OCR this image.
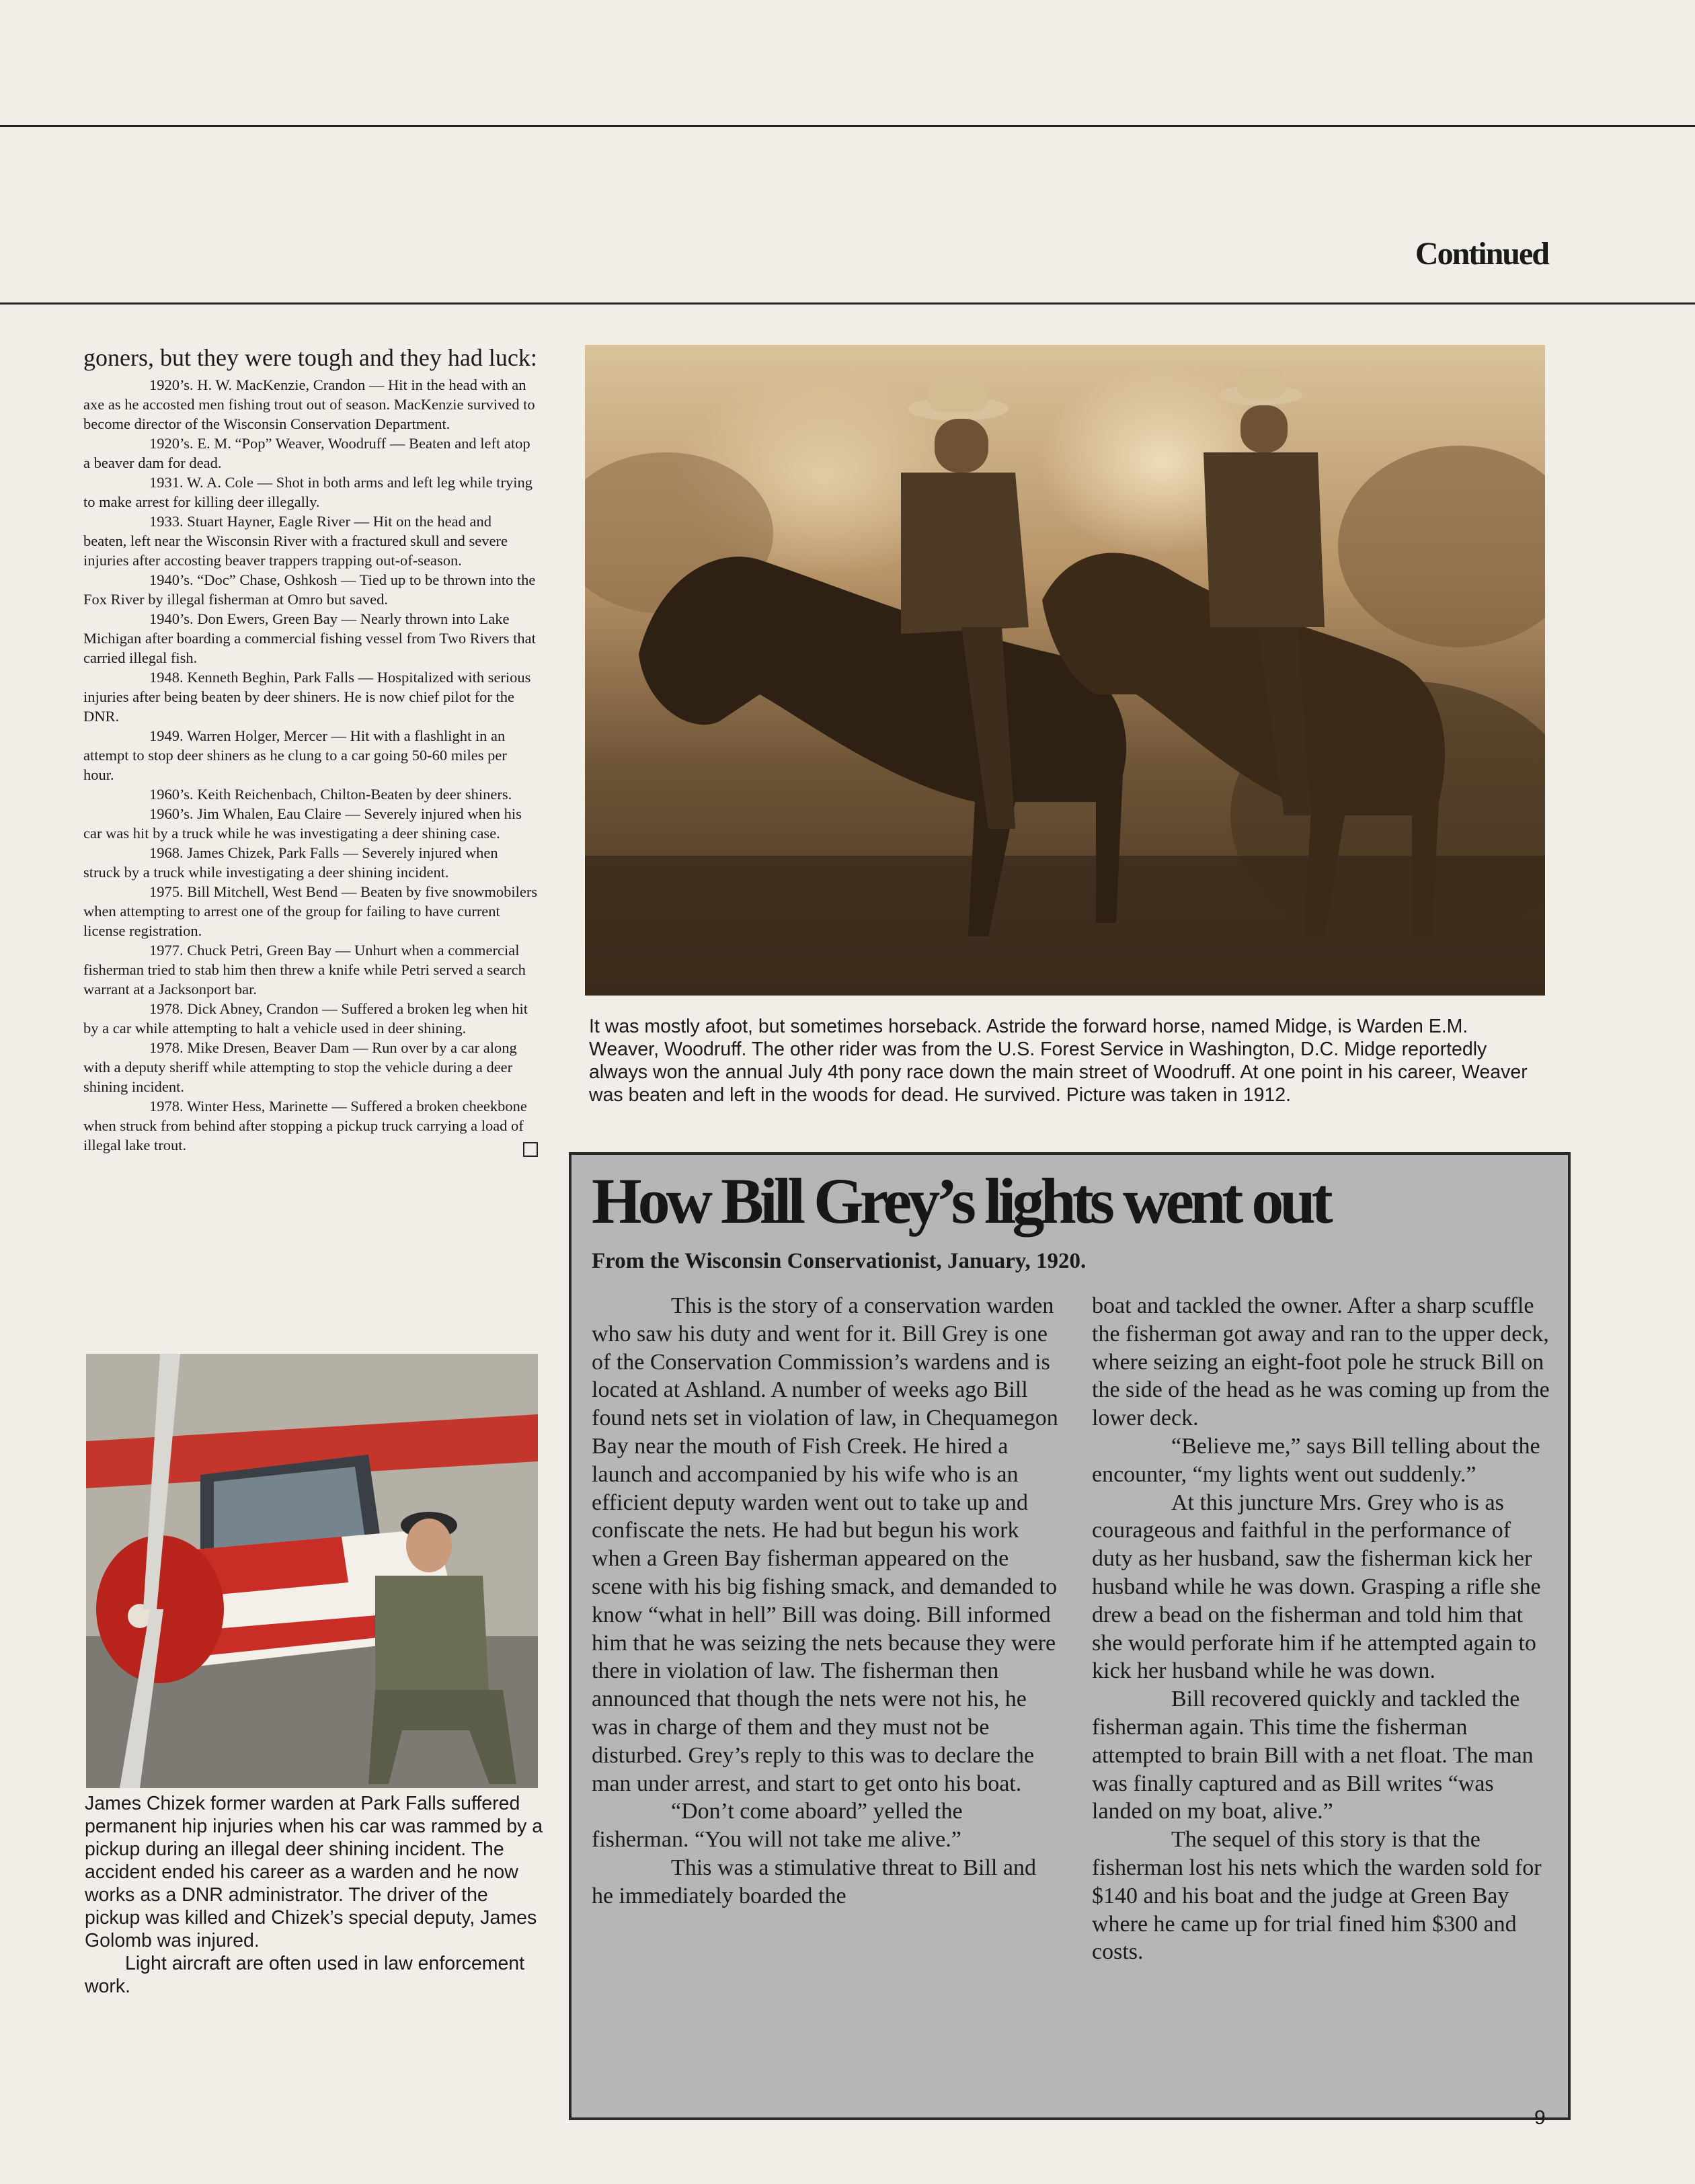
Continued

goners, but they were tough and they had luck:

1920’s. H. W. MacKenzie, Crandon — Hit in the head with an axe as he accosted men fishing trout out of season. MacKenzie survived to become director of the Wisconsin Conservation Department.

1920’s. E. M. “Pop” Weaver, Woodruff — Beaten and left atop a beaver dam for dead.

1931. W. A. Cole — Shot in both arms and left leg while trying to make arrest for killing deer illegally.

1933. Stuart Hayner, Eagle River — Hit on the head and beaten, left near the Wisconsin River with a fractured skull and severe injuries after accosting beaver trappers trapping out-of-season.

1940’s. “Doc” Chase, Oshkosh — Tied up to be thrown into the Fox River by illegal fisherman at Omro but saved.

1940’s. Don Ewers, Green Bay — Nearly thrown into Lake Michigan after boarding a commercial fishing vessel from Two Rivers that carried illegal fish.

1948. Kenneth Beghin, Park Falls — Hospitalized with serious injuries after being beaten by deer shiners. He is now chief pilot for the DNR.

1949. Warren Holger, Mercer — Hit with a flashlight in an attempt to stop deer shiners as he clung to a car going 50-60 miles per hour.

1960’s. Keith Reichenbach, Chilton-Beaten by deer shiners.

1960’s. Jim Whalen, Eau Claire — Severely injured when his car was hit by a truck while he was investigating a deer shining case.

1968. James Chizek, Park Falls — Severely injured when struck by a truck while investigating a deer shining incident.

1975. Bill Mitchell, West Bend — Beaten by five snowmobilers when attempting to arrest one of the group for failing to have current license registration.

1977. Chuck Petri, Green Bay — Unhurt when a commercial fisherman tried to stab him then threw a knife while Petri served a search warrant at a Jacksonport bar.

1978. Dick Abney, Crandon — Suffered a broken leg when hit by a car while attempting to halt a vehicle used in deer shining.

1978. Mike Dresen, Beaver Dam — Run over by a car along with a deputy sheriff while attempting to stop the vehicle during a deer shining incident.

1978. Winter Hess, Marinette — Suffered a broken cheekbone when struck from behind after stopping a pickup truck carrying a load of illegal lake trout.

It was mostly afoot, but sometimes horseback. Astride the forward horse, named Midge, is Warden E.M. Weaver, Woodruff. The other rider was from the U.S. Forest Service in Washington, D.C. Midge reportedly always won the annual July 4th pony race down the main street of Woodruff. At one point in his career, Weaver was beaten and left in the woods for dead. He survived. Picture was taken in 1912.

James Chizek former warden at Park Falls suffered permanent hip injuries when his car was rammed by a pickup during an illegal deer shining incident. The accident ended his career as a warden and he now works as a DNR administrator. The driver of the pickup was killed and Chizek’s special deputy, James Golomb was injured.

Light aircraft are often used in law enforcement work.

How Bill Grey’s lights went out

From the Wisconsin Conservationist, January, 1920.

This is the story of a conservation warden who saw his duty and went for it. Bill Grey is one of the Conservation Commission’s wardens and is located at Ashland. A number of weeks ago Bill found nets set in violation of law, in Chequamegon Bay near the mouth of Fish Creek. He hired a launch and accompanied by his wife who is an efficient deputy warden went out to take up and confiscate the nets. He had but begun his work when a Green Bay fisherman appeared on the scene with his big fishing smack, and demanded to know “what in hell” Bill was doing. Bill informed him that he was seizing the nets because they were there in violation of law. The fisherman then announced that though the nets were not his, he was in charge of them and they must not be disturbed. Grey’s reply to this was to declare the man under arrest, and start to get onto his boat.

“Don’t come aboard” yelled the fisherman. “You will not take me alive.”

This was a stimulative threat to Bill and he immediately boarded the

boat and tackled the owner. After a sharp scuffle the fisherman got away and ran to the upper deck, where seizing an eight-foot pole he struck Bill on the side of the head as he was coming up from the lower deck.

“Believe me,” says Bill telling about the encounter, “my lights went out suddenly.”

At this juncture Mrs. Grey who is as courageous and faithful in the performance of duty as her husband, saw the fisherman kick her husband while he was down. Grasping a rifle she drew a bead on the fisherman and told him that she would perforate him if he attempted again to kick her husband while he was down.

Bill recovered quickly and tackled the fisherman again. This time the fisherman attempted to brain Bill with a net float. The man was finally captured and as Bill writes “was landed on my boat, alive.”

The sequel of this story is that the fisherman lost his nets which the warden sold for $140 and his boat and the judge at Green Bay where he came up for trial fined him $300 and costs.

9
